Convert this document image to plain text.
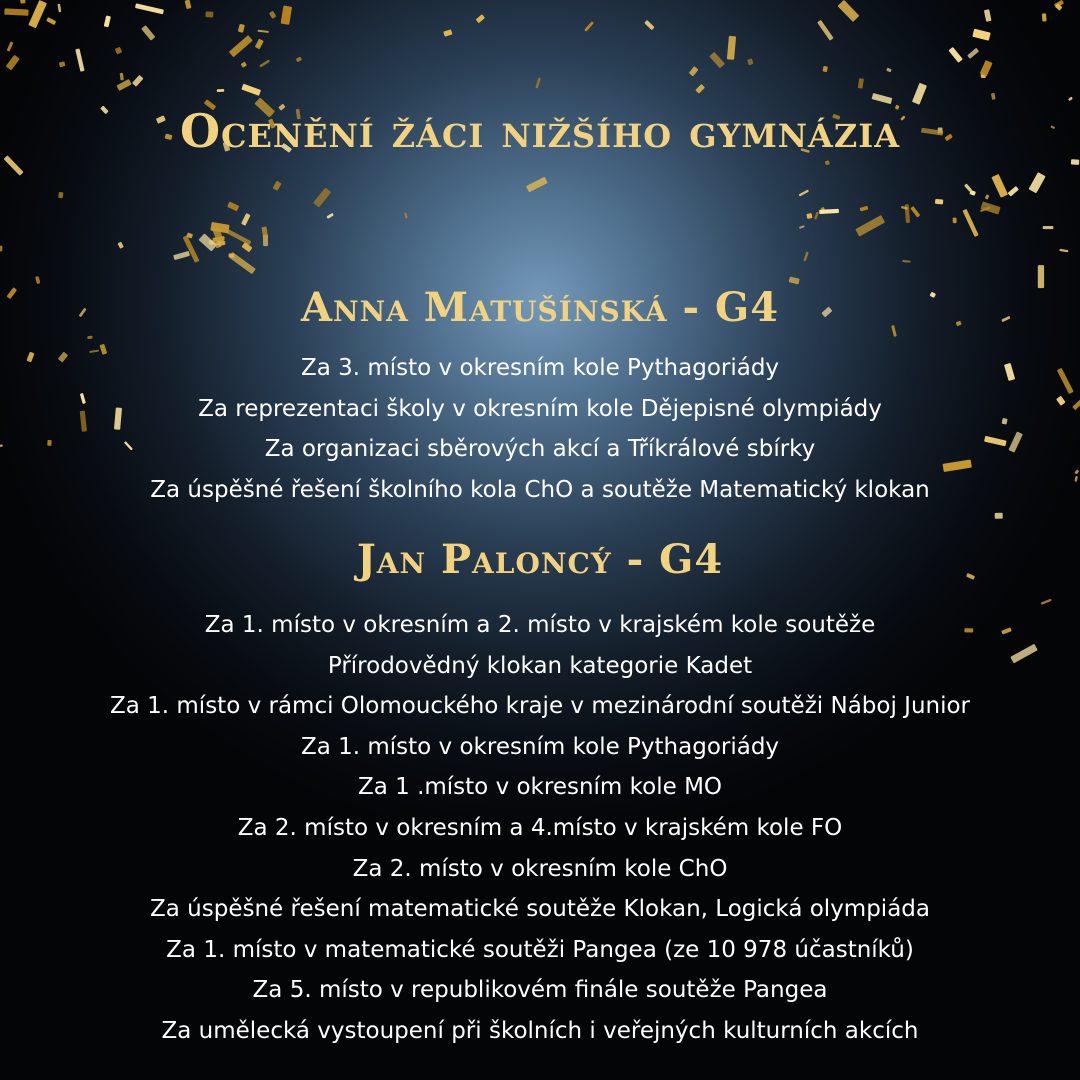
Ocenění žáci nižšího gymnázia
Anna Matušínská - G4
Za 3. místo v okresním kole Pythagoriády
Za reprezentaci školy v okresním kole Dějepisné olympiády
Za organizaci sběrových akcí a Tříkrálové sbírky
Za úspěšné řešení školního kola ChO a soutěže Matematický klokan
Jan Paloncý - G4
Za 1. místo v okresním a 2. místo v krajském kole soutěže
Přírodovědný klokan kategorie Kadet
Za 1. místo v rámci Olomouckého kraje v mezinárodní soutěži Náboj Junior
Za 1. místo v okresním kole Pythagoriády
Za 1 .místo v okresním kole MO
Za 2. místo v okresním a 4.místo v krajském kole FO
Za 2. místo v okresním kole ChO
Za úspěšné řešení matematické soutěže Klokan, Logická olympiáda
Za 1. místo v matematické soutěži Pangea (ze 10 978 účastníků)
Za 5. místo v republikovém finále soutěže Pangea
Za umělecká vystoupení při školních i veřejných kulturních akcích
